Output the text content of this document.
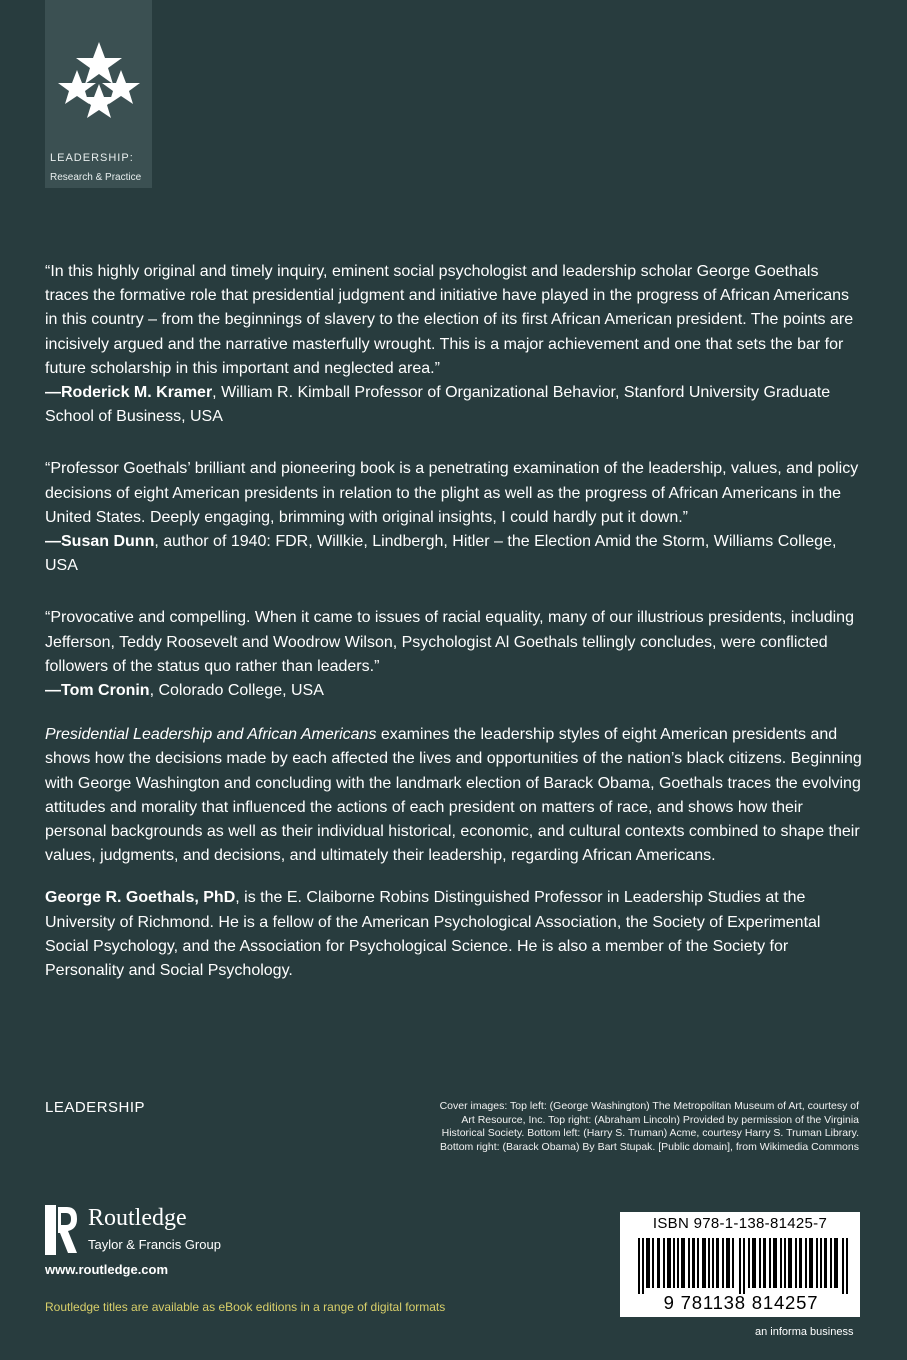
LEADERSHIP:
Research & Practice

“In this highly original and timely inquiry, eminent social psychologist and leadership scholar George Goethals traces the formative role that presidential judgment and initiative have played in the progress of African Americans in this country – from the beginnings of slavery to the election of its first African American president. The points are incisively argued and the narrative masterfully wrought. This is a major achievement and one that sets the bar for future scholarship in this important and neglected area.”
—Roderick M. Kramer, William R. Kimball Professor of Organizational Behavior, Stanford University Graduate School of Business, USA

“Professor Goethals’ brilliant and pioneering book is a penetrating examination of the leadership, values, and policy decisions of eight American presidents in relation to the plight as well as the progress of African Americans in the United States. Deeply engaging, brimming with original insights, I could hardly put it down.”
—Susan Dunn, author of 1940: FDR, Willkie, Lindbergh, Hitler – the Election Amid the Storm, Williams College, USA

“Provocative and compelling. When it came to issues of racial equality, many of our illustrious presidents, including Jefferson, Teddy Roosevelt and Woodrow Wilson, Psychologist Al Goethals tellingly concludes, were conflicted followers of the status quo rather than leaders.”
—Tom Cronin, Colorado College, USA

Presidential Leadership and African Americans examines the leadership styles of eight American presidents and shows how the decisions made by each affected the lives and opportunities of the nation’s black citizens. Beginning with George Washington and concluding with the landmark election of Barack Obama, Goethals traces the evolving attitudes and morality that influenced the actions of each president on matters of race, and shows how their personal backgrounds as well as their individual historical, economic, and cultural contexts combined to shape their values, judgments, and decisions, and ultimately their leadership, regarding African Americans.

George R. Goethals, PhD, is the E. Claiborne Robins Distinguished Professor in Leadership Studies at the University of Richmond. He is a fellow of the American Psychological Association, the Society of Experimental Social Psychology, and the Association for Psychological Science. He is also a member of the Society for Personality and Social Psychology.

LEADERSHIP	Cover images: Top left: (George Washington) The Metropolitan Museum of Art, courtesy of Art Resource, Inc. Top right: (Abraham Lincoln) Provided by permission of the Virginia Historical Society. Bottom left: (Harry S. Truman) Acme, courtesy Harry S. Truman Library. Bottom right: (Barack Obama) By Bart Stupak. [Public domain], from Wikimedia Commons
ISBN 978-1-138-81425-7
9 781138 814257
an informa business
Routledge
Taylor & Francis Group
www.routledge.com
Routledge titles are available as eBook editions in a range of digital formats
